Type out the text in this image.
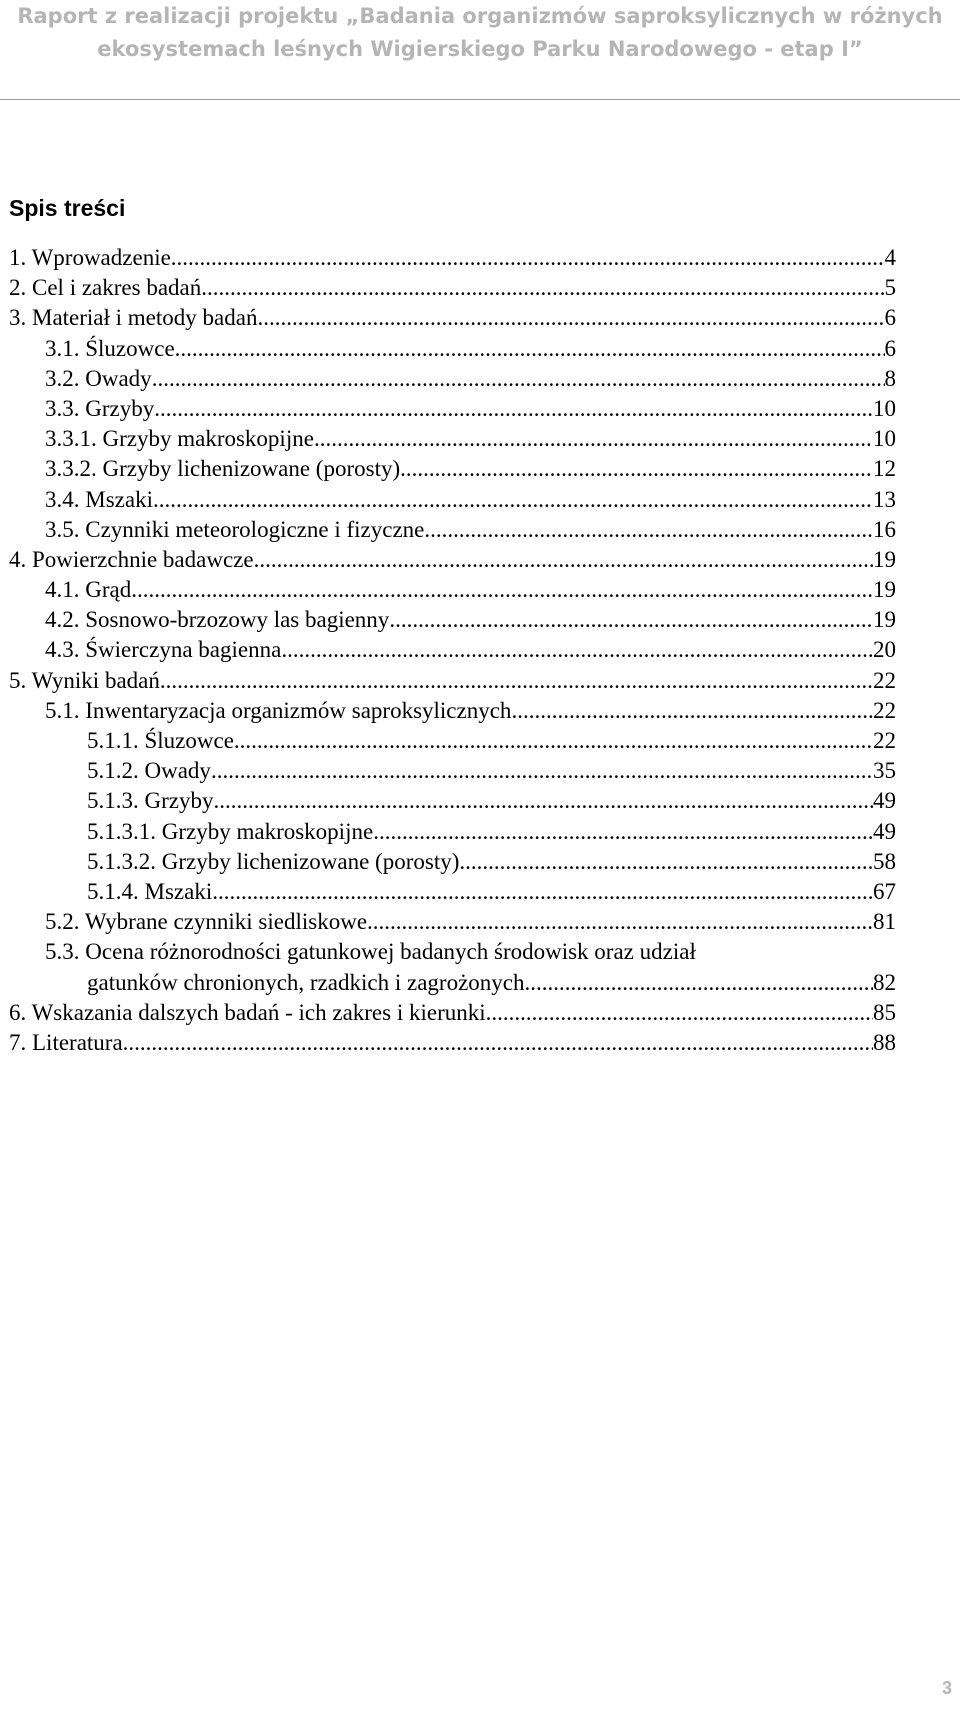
Raport z realizacji projektu „Badania organizmów saproksylicznych w różnych
ekosystemach leśnych Wigierskiego Parku Narodowego - etap I”
Spis treści
1. Wprowadzenie .....	4
2. Cel i zakres badań .....	5
3. Materiał i metody badań .....	6
3.1. Śluzowce .....	6
3.2. Owady .....	8
3.3. Grzyby .....	10
3.3.1. Grzyby makroskopijne .....	10
3.3.2. Grzyby lichenizowane (porosty) .....	12
3.4. Mszaki .....	13
3.5. Czynniki meteorologiczne i fizyczne .....	16
4. Powierzchnie badawcze .....	19
4.1. Grąd .....	19
4.2. Sosnowo-brzozowy las bagienny .....	19
4.3. Świerczyna bagienna .....	20
5. Wyniki badań .....	22
5.1. Inwentaryzacja organizmów saproksylicznych .....	22
5.1.1. Śluzowce .....	22
5.1.2. Owady .....	35
5.1.3. Grzyby .....	49
5.1.3.1. Grzyby makroskopijne .....	49
5.1.3.2. Grzyby lichenizowane (porosty) .....	58
5.1.4. Mszaki .....	67
5.2. Wybrane czynniki siedliskowe .....	81
5.3. Ocena różnorodności gatunkowej badanych środowisk oraz udział
gatunków chronionych, rzadkich i zagrożonych .....	82
6. Wskazania dalszych badań - ich zakres i kierunki .....	85
7. Literatura .....	88
3
